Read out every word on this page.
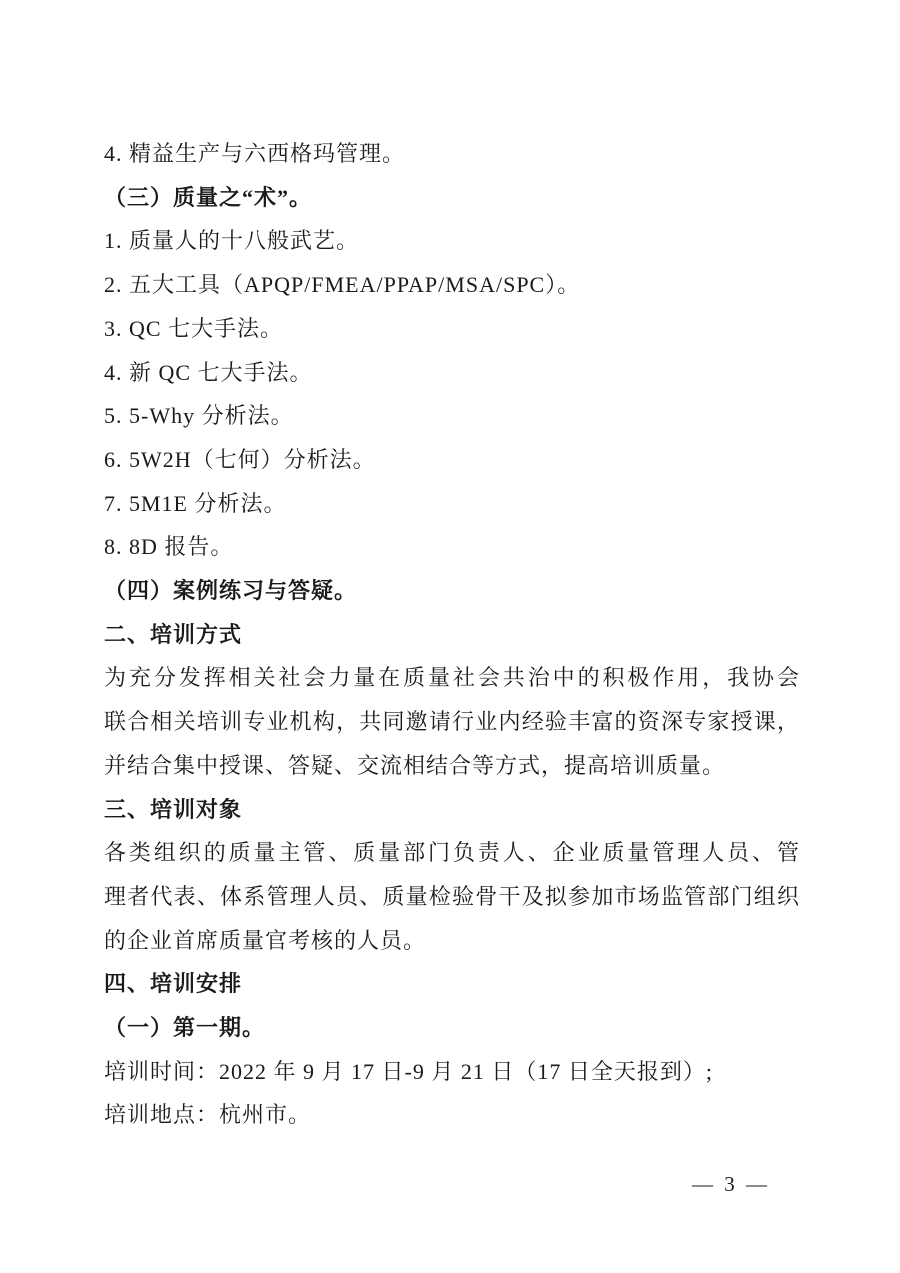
4. 精益生产与六西格玛管理。

（三）质量之“术”。

1. 质量人的十八般武艺。

2. 五大工具（APQP/FMEA/PPAP/MSA/SPC）。

3. QC 七大手法。

4. 新 QC 七大手法。

5. 5-Why 分析法。

6. 5W2H（七何）分析法。

7. 5M1E 分析法。

8. 8D 报告。

（四）案例练习与答疑。

二、培训方式

为充分发挥相关社会力量在质量社会共治中的积极作用，我协会

联合相关培训专业机构，共同邀请行业内经验丰富的资深专家授课，

并结合集中授课、答疑、交流相结合等方式，提高培训质量。

三、培训对象

各类组织的质量主管、质量部门负责人、企业质量管理人员、管

理者代表、体系管理人员、质量检验骨干及拟参加市场监管部门组织

的企业首席质量官考核的人员。

四、培训安排

（一）第一期。

培训时间：2022 年 9 月 17 日-9 月 21 日（17 日全天报到）;

培训地点：杭州市。

— 3 —
